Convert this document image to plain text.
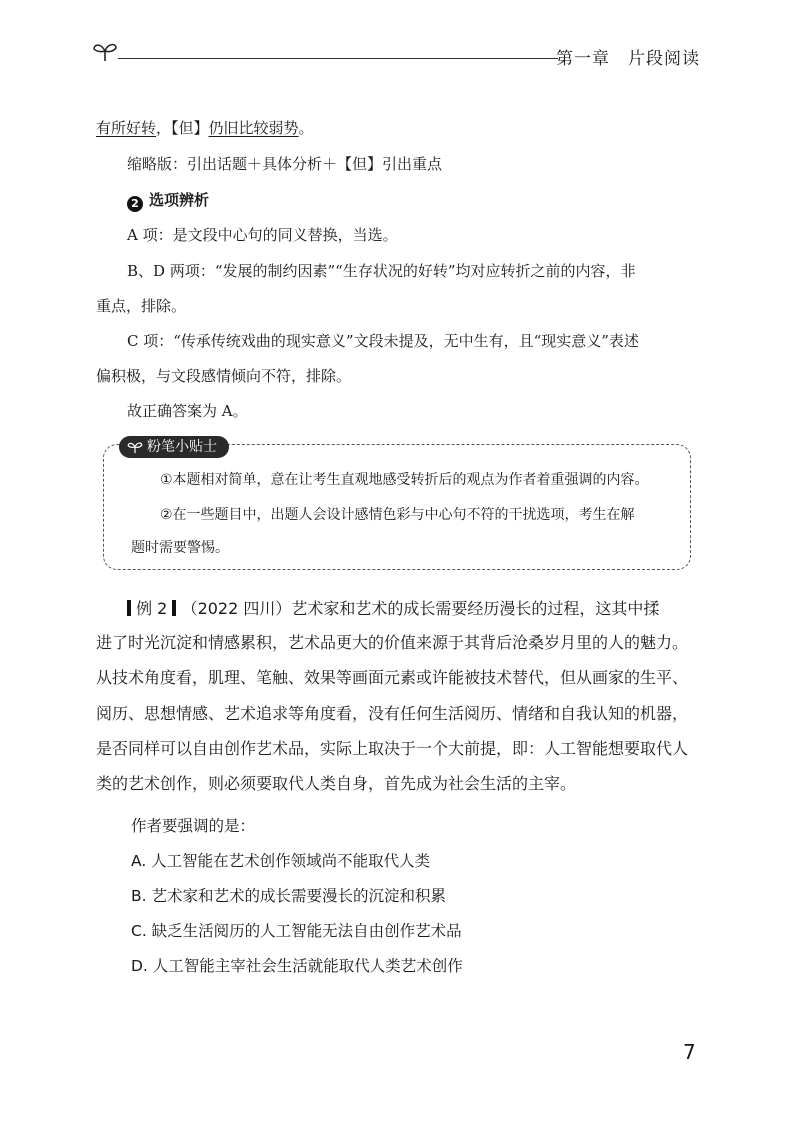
第一章 片段阅读
有所好转，【但】仍旧比较弱势。
缩略版：引出话题＋具体分析＋【但】引出重点
2 选项辨析
A 项：是文段中心句的同义替换，当选。
B、D 两项：“发展的制约因素”“生存状况的好转”均对应转折之前的内容，非
重点，排除。
C 项：“传承传统戏曲的现实意义”文段未提及，无中生有，且“现实意义”表述
偏积极，与文段感情倾向不符，排除。
故正确答案为 A。
粉笔小贴士
①本题相对简单，意在让考生直观地感受转折后的观点为作者着重强调的内容。
②在一些题目中，出题人会设计感情色彩与中心句不符的干扰选项，考生在解
题时需要警惕。
例 2 （2022 四川）艺术家和艺术的成长需要经历漫长的过程，这其中揉
进了时光沉淀和情感累积，艺术品更大的价值来源于其背后沧桑岁月里的人的魅力。
从技术角度看，肌理、笔触、效果等画面元素或许能被技术替代，但从画家的生平、
阅历、思想情感、艺术追求等角度看，没有任何生活阅历、情绪和自我认知的机器，
是否同样可以自由创作艺术品，实际上取决于一个大前提，即：人工智能想要取代人
类的艺术创作，则必须要取代人类自身，首先成为社会生活的主宰。
作者要强调的是：
A. 人工智能在艺术创作领域尚不能取代人类
B. 艺术家和艺术的成长需要漫长的沉淀和积累
C. 缺乏生活阅历的人工智能无法自由创作艺术品
D. 人工智能主宰社会生活就能取代人类艺术创作
7
